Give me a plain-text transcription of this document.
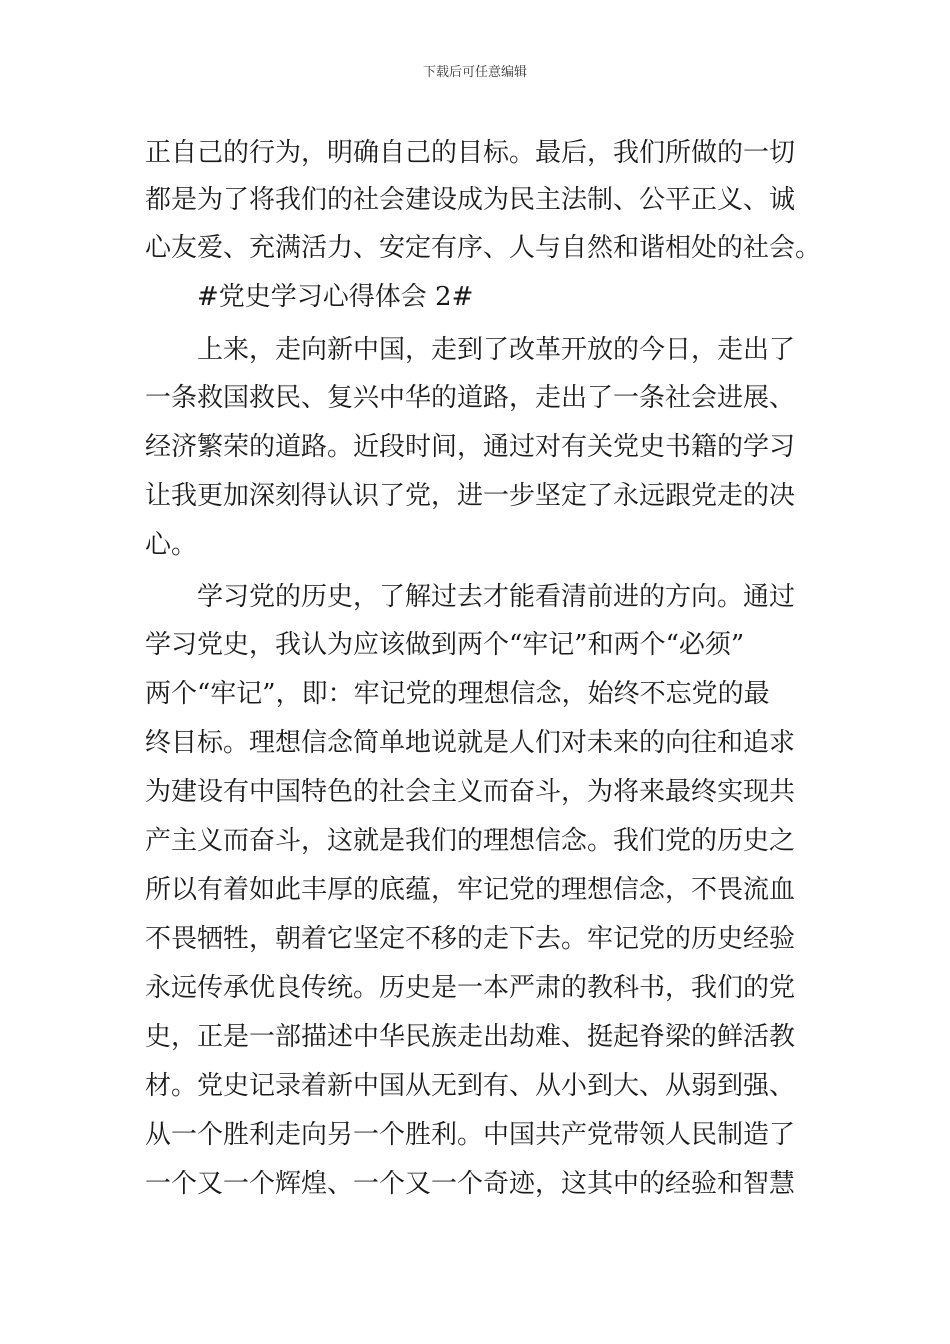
下载后可任意编辑
正自己的行为，明确自己的目标。最后，我们所做的一切
都是为了将我们的社会建设成为民主法制、公平正义、诚
心友爱、充满活力、安定有序、人与自然和谐相处的社会。
#党史学习心得体会 2#
上来，走向新中国，走到了改革开放的今日，走出了
一条救国救民、复兴中华的道路，走出了一条社会进展、
经济繁荣的道路。近段时间，通过对有关党史书籍的学习
让我更加深刻得认识了党，进一步坚定了永远跟党走的决
心。
学习党的历史，了解过去才能看清前进的方向。通过
学习党史，我认为应该做到两个“牢记”和两个“必须”
两个“牢记”，即：牢记党的理想信念，始终不忘党的最
终目标。理想信念简单地说就是人们对未来的向往和追求
为建设有中国特色的社会主义而奋斗，为将来最终实现共
产主义而奋斗，这就是我们的理想信念。我们党的历史之
所以有着如此丰厚的底蕴，牢记党的理想信念，不畏流血
不畏牺牲，朝着它坚定不移的走下去。牢记党的历史经验
永远传承优良传统。历史是一本严肃的教科书，我们的党
史，正是一部描述中华民族走出劫难、挺起脊梁的鲜活教
材。党史记录着新中国从无到有、从小到大、从弱到强、
从一个胜利走向另一个胜利。中国共产党带领人民制造了
一个又一个辉煌、一个又一个奇迹，这其中的经验和智慧
